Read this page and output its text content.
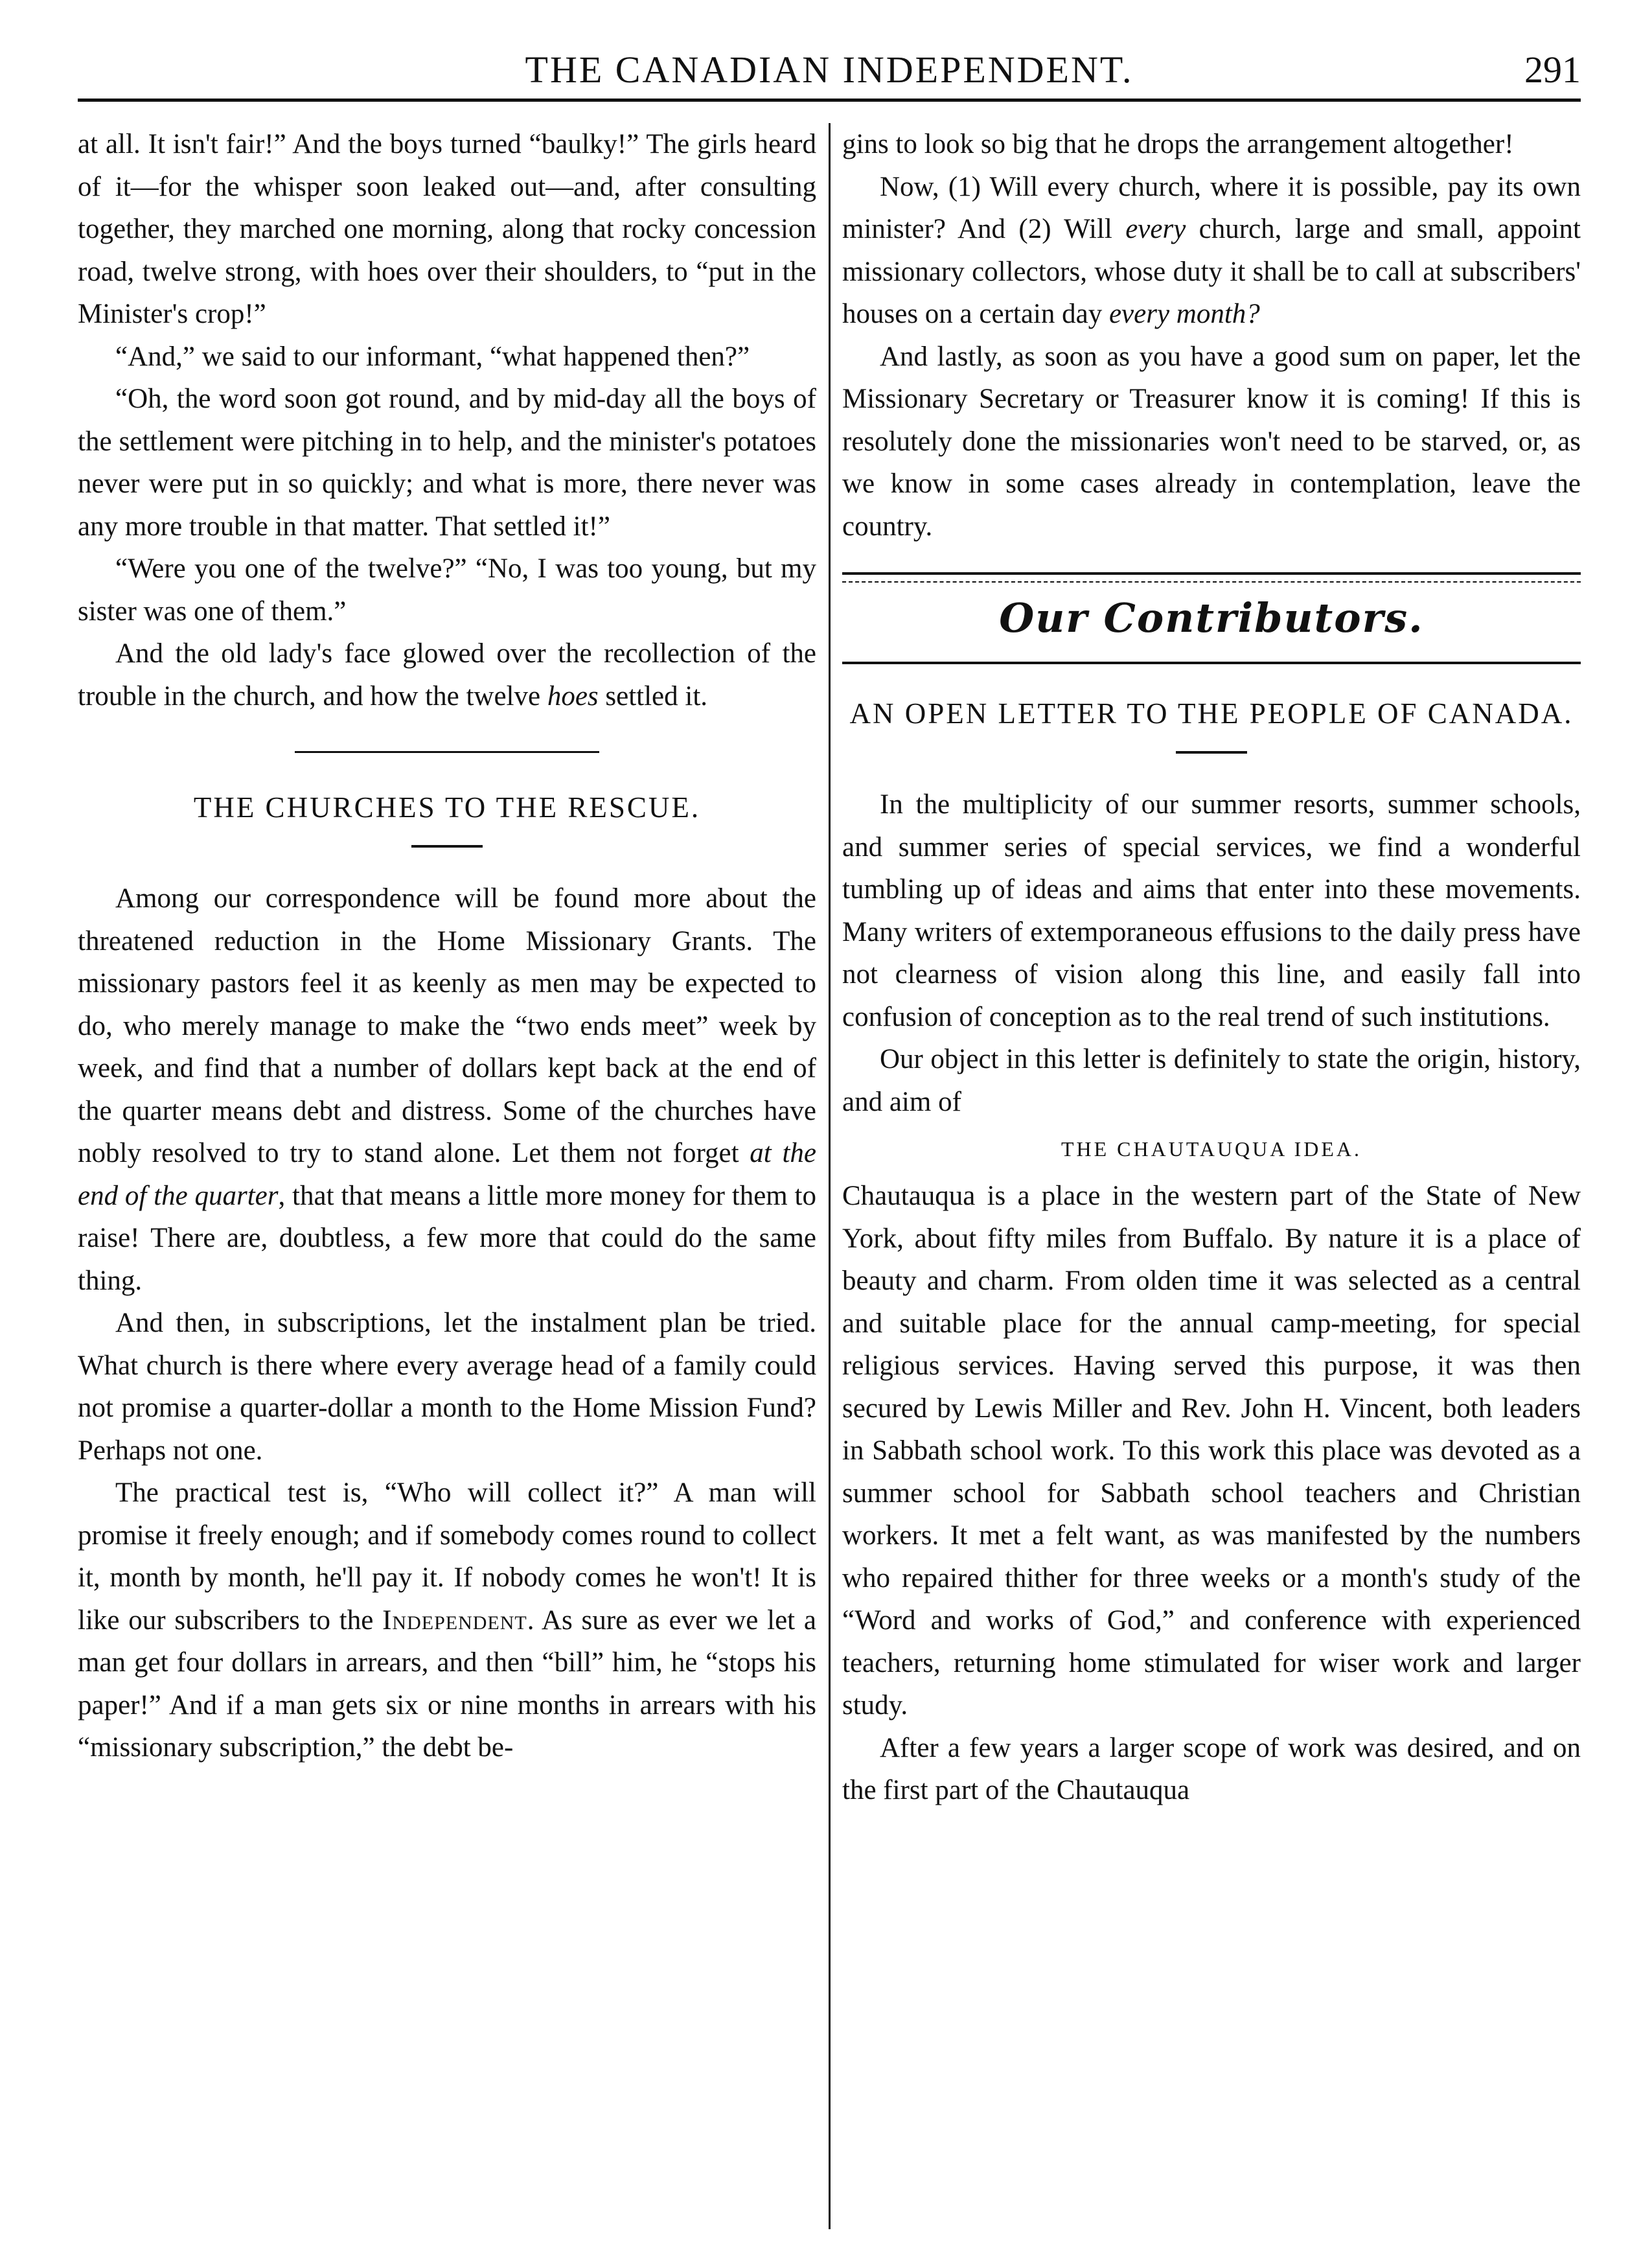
THE CANADIAN INDEPENDENT.	291

at all. It isn't fair!” And the boys turned “baulky!” The girls heard of it—for the whisper soon leaked out—and, after consulting together, they marched one morning, along that rocky concession road, twelve strong, with hoes over their shoulders, to “put in the Minister's crop!”

“And,” we said to our informant, “what happened then?”

“Oh, the word soon got round, and by mid-day all the boys of the settlement were pitching in to help, and the minister's potatoes never were put in so quickly; and what is more, there never was any more trouble in that matter. That settled it!”

“Were you one of the twelve?” “No, I was too young, but my sister was one of them.”

And the old lady's face glowed over the recollection of the trouble in the church, and how the twelve hoes settled it.

THE CHURCHES TO THE RESCUE.

Among our correspondence will be found more about the threatened reduction in the Home Missionary Grants. The missionary pastors feel it as keenly as men may be expected to do, who merely manage to make the “two ends meet” week by week, and find that a number of dollars kept back at the end of the quarter means debt and distress. Some of the churches have nobly resolved to try to stand alone. Let them not forget at the end of the quarter, that that means a little more money for them to raise! There are, doubtless, a few more that could do the same thing.

And then, in subscriptions, let the instalment plan be tried. What church is there where every average head of a family could not promise a quarter-dollar a month to the Home Mission Fund? Perhaps not one.

The practical test is, “Who will collect it?” A man will promise it freely enough; and if somebody comes round to collect it, month by month, he'll pay it. If nobody comes he won't! It is like our subscribers to the Independent. As sure as ever we let a man get four dollars in arrears, and then “bill” him, he “stops his paper!” And if a man gets six or nine months in arrears with his “missionary subscription,” the debt be-

gins to look so big that he drops the arrangement altogether!

Now, (1) Will every church, where it is possible, pay its own minister? And (2) Will every church, large and small, appoint missionary collectors, whose duty it shall be to call at subscribers' houses on a certain day every month?

And lastly, as soon as you have a good sum on paper, let the Missionary Secretary or Treasurer know it is coming! If this is resolutely done the missionaries won't need to be starved, or, as we know in some cases already in contemplation, leave the country.

Our Contributors.
AN OPEN LETTER TO THE PEOPLE OF CANADA.

In the multiplicity of our summer resorts, summer schools, and summer series of special services, we find a wonderful tumbling up of ideas and aims that enter into these movements. Many writers of extemporaneous effusions to the daily press have not clearness of vision along this line, and easily fall into confusion of conception as to the real trend of such institutions.

Our object in this letter is definitely to state the origin, history, and aim of

THE CHAUTAUQUA IDEA.

Chautauqua is a place in the western part of the State of New York, about fifty miles from Buffalo. By nature it is a place of beauty and charm. From olden time it was selected as a central and suitable place for the annual camp-meeting, for special religious services. Having served this purpose, it was then secured by Lewis Miller and Rev. John H. Vincent, both leaders in Sabbath school work. To this work this place was devoted as a summer school for Sabbath school teachers and Christian workers. It met a felt want, as was manifested by the numbers who repaired thither for three weeks or a month's study of the “Word and works of God,” and conference with experienced teachers, returning home stimulated for wiser work and larger study.

After a few years a larger scope of work was desired, and on the first part of the Chautauqua
